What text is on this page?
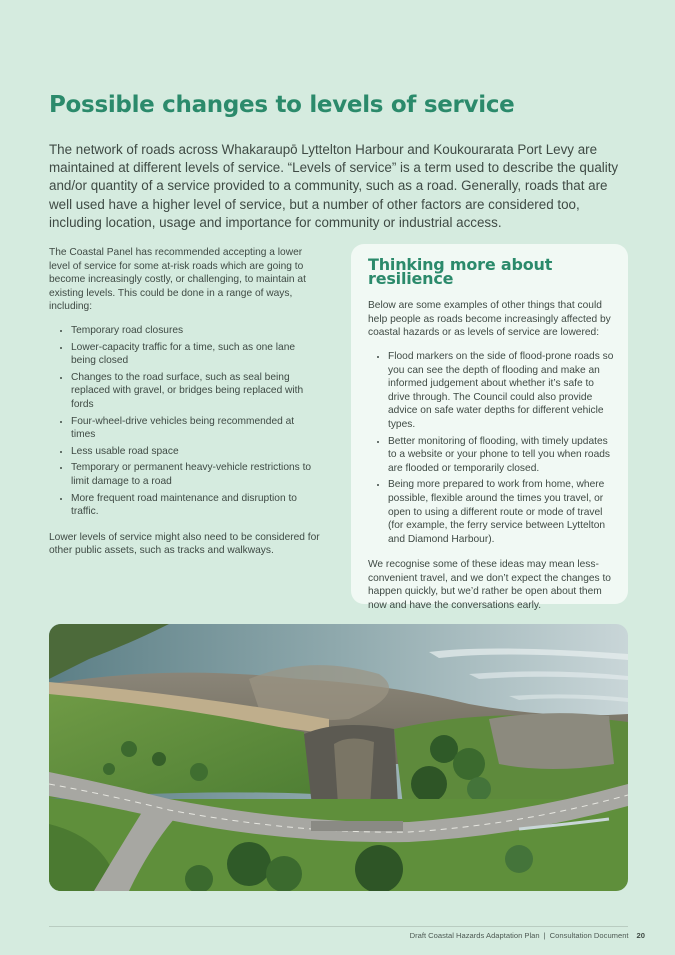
Possible changes to levels of service

The network of roads across Whakaraupō Lyttelton Harbour and Koukourarata Port Levy are maintained at different levels of service. “Levels of service” is a term used to describe the quality and/or quantity of a service provided to a community, such as a road. Generally, roads that are well used have a higher level of service, but a number of other factors are considered too, including location, usage and importance for community or industrial access.

The Coastal Panel has recommended accepting a lower level of service for some at-risk roads which are going to become increasingly costly, or challenging, to maintain at existing levels. This could be done in a range of ways, including:

• Temporary road closures
• Lower-capacity traffic for a time, such as one lane being closed
• Changes to the road surface, such as seal being replaced with gravel, or bridges being replaced with fords
• Four-wheel-drive vehicles being recommended at times
• Less usable road space
• Temporary or permanent heavy-vehicle restrictions to limit damage to a road
• More frequent road maintenance and disruption to traffic.

Lower levels of service might also need to be considered for other public assets, such as tracks and walkways.

Thinking more about resilience

Below are some examples of other things that could help people as roads become increasingly affected by coastal hazards or as levels of service are lowered:

• Flood markers on the side of flood-prone roads so you can see the depth of flooding and make an informed judgement about whether it’s safe to drive through. The Council could also provide advice on safe water depths for different vehicle types.
• Better monitoring of flooding, with timely updates to a website or your phone to tell you when roads are flooded or temporarily closed.
• Being more prepared to work from home, where possible, flexible around the times you travel, or open to using a different route or mode of travel (for example, the ferry service between Lyttelton and Diamond Harbour).

We recognise some of these ideas may mean less-convenient travel, and we don’t expect the changes to happen quickly, but we’d rather be open about them now and have the conversations early.

Draft Coastal Hazards Adaptation Plan | Consultation Document 20
